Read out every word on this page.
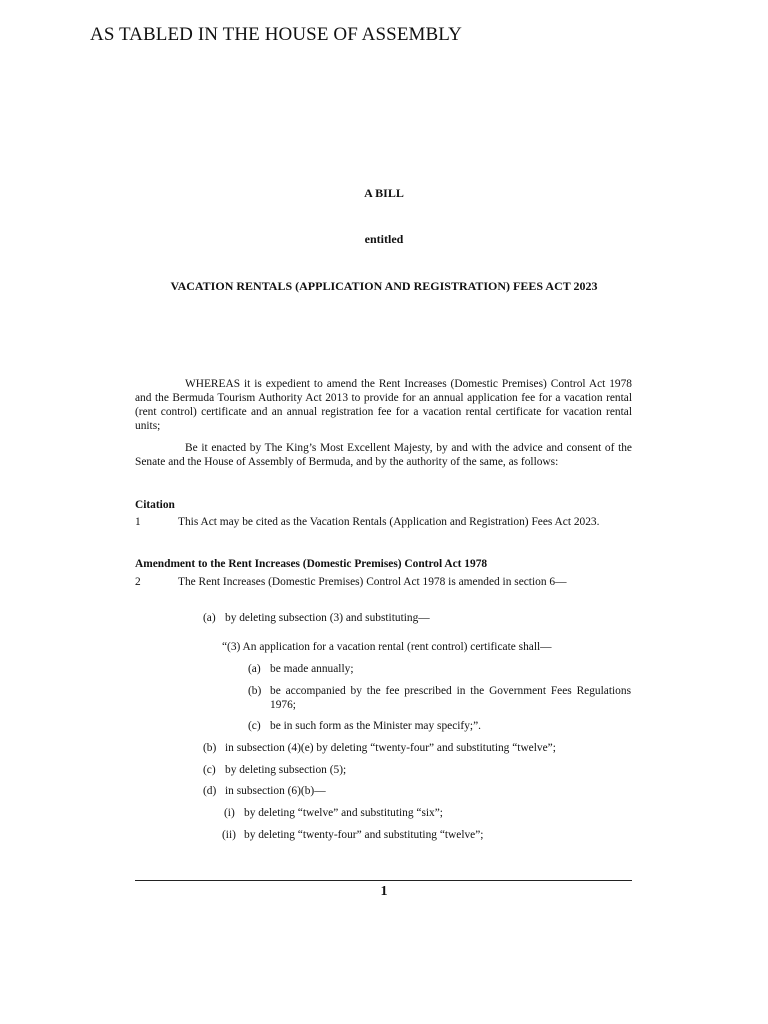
AS TABLED IN THE HOUSE OF ASSEMBLY
A BILL
entitled
VACATION RENTALS (APPLICATION AND REGISTRATION) FEES ACT 2023
WHEREAS it is expedient to amend the Rent Increases (Domestic Premises) Control Act 1978 and the Bermuda Tourism Authority Act 2013 to provide for an annual application fee for a vacation rental (rent control) certificate and an annual registration fee for a vacation rental certificate for vacation rental units;
Be it enacted by The King’s Most Excellent Majesty, by and with the advice and consent of the Senate and the House of Assembly of Bermuda, and by the authority of the same, as follows:
Citation
1	This Act may be cited as the Vacation Rentals (Application and Registration) Fees Act 2023.
Amendment to the Rent Increases (Domestic Premises) Control Act 1978
2	The Rent Increases (Domestic Premises) Control Act 1978 is amended in section 6—
(a) by deleting subsection (3) and substituting—
“(3) An application for a vacation rental (rent control) certificate shall—
(a) be made annually;
(b) be accompanied by the fee prescribed in the Government Fees Regulations 1976;
(c) be in such form as the Minister may specify;”.
(b) in subsection (4)(e) by deleting “twenty-four” and substituting “twelve”;
(c) by deleting subsection (5);
(d) in subsection (6)(b)—
(i) by deleting “twelve” and substituting “six”;
(ii) by deleting “twenty-four” and substituting “twelve”;
1
